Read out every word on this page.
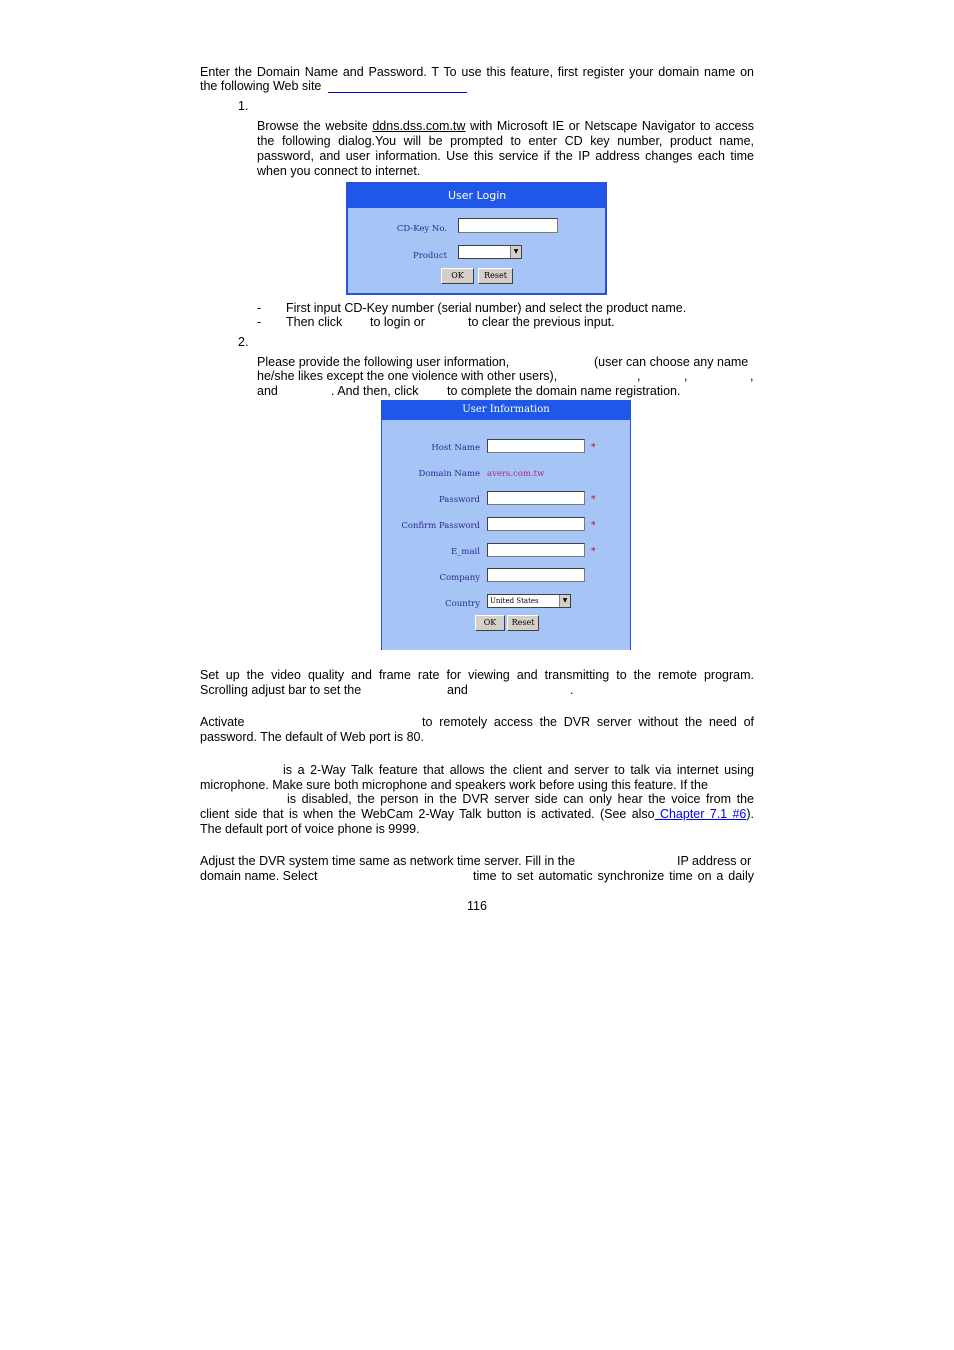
Enter the Domain Name and Password. T To use this feature, first register your domain name on
the following Web site
1.
Browse the website ddns.dss.com.tw with Microsoft IE or Netscape Navigator to access
the following dialog.You will be prompted to enter CD key number, product name,
password, and user information. Use this service if the IP address changes each time
when you connect to internet.
User Login
CD-Key No.
Product	▼
OK	Reset
- First input CD-Key number (serial number) and select the product name.
- Then click to login or	to clear the previous input.
2.
Please provide the following user information,	(user can choose any name
he/she likes except the one violence with other users),	,	,	,
and	. And then, click to complete the domain name registration.
User Information
Host Name	*
Domain Name avers.com.tw
Password	*
Confirm Password	*
E_mail	*
Company
Country	United States	▼
OK	Reset
Set up the video quality and frame rate for viewing and transmitting to the remote program.
Scrolling adjust bar to set the	and	.
Activate	to remotely access the DVR server without the need of
password. The default of Web port is 80.
is a 2-Way Talk feature that allows the client and server to talk via internet using
microphone. Make sure both microphone and speakers work before using this feature. If the
is disabled, the person in the DVR server side can only hear the voice from the
client side that is when the WebCam 2-Way Talk button is activated. (See also Chapter 7.1 #6).
The default port of voice phone is 9999.
Adjust the DVR system time same as network time server. Fill in the	IP address or
domain name. Select	time to set automatic synchronize time on a daily
116
